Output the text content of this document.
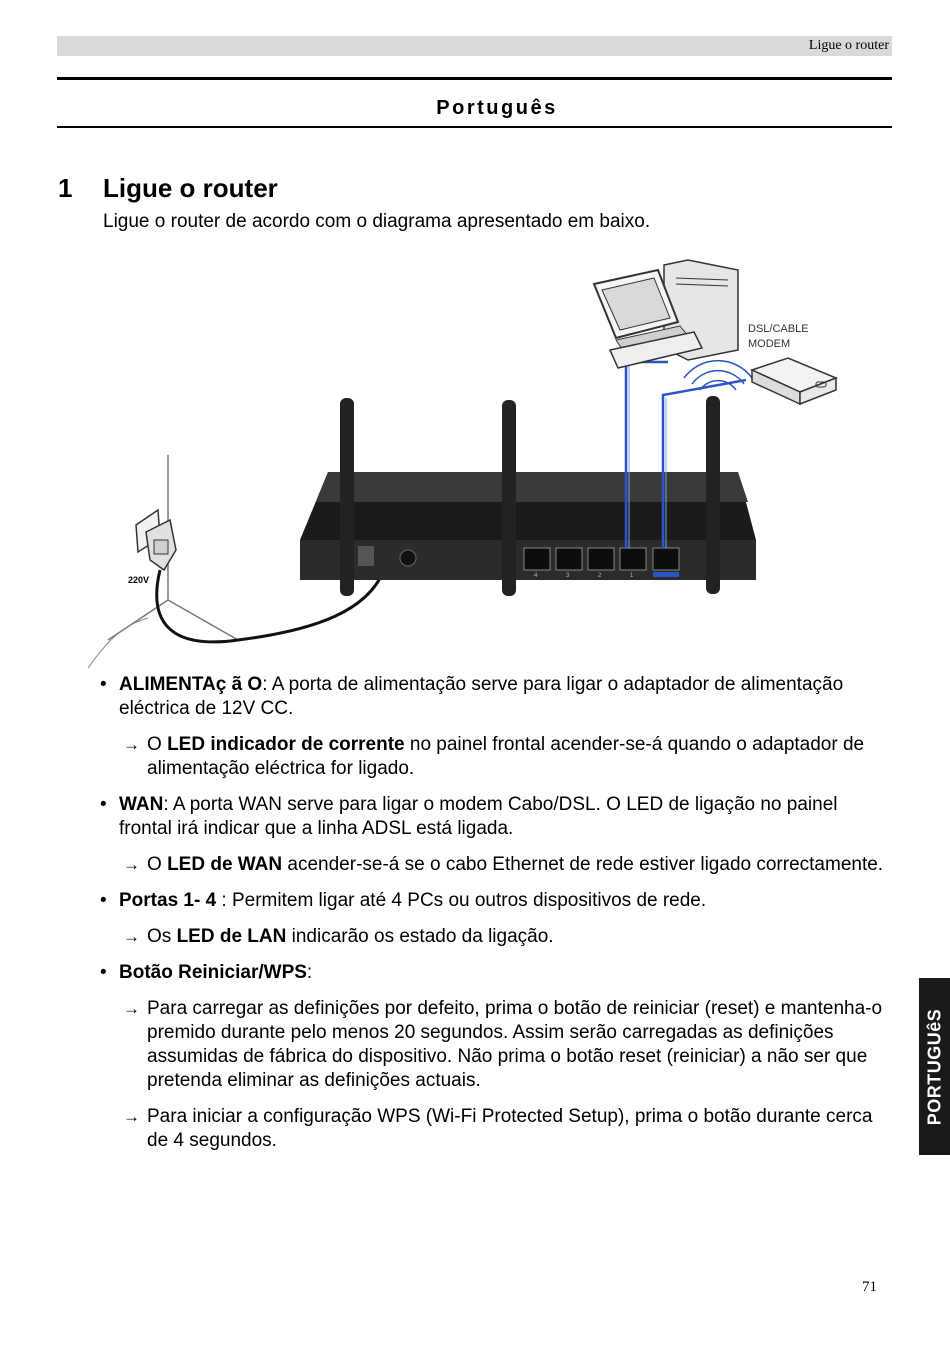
Ligue o router
Português
1 Ligue o router
Ligue o router de acordo com o diagrama apresentado em baixo.
220V	4	3	2	1
DSL/CABLE
MODEM
• ALIMENTAç ã O: A porta de alimentação serve para ligar o adaptador de alimentação eléctrica de 12V CC.
→ O LED indicador de corrente no painel frontal acender-se-á quando o adaptador de alimentação eléctrica for ligado.
• WAN: A porta WAN serve para ligar o modem Cabo/DSL. O LED de ligação no painel frontal irá indicar que a linha ADSL está ligada.
→ O LED de WAN acender-se-á se o cabo Ethernet de rede estiver ligado correctamente.
• Portas 1- 4 : Permitem ligar até 4 PCs ou outros dispositivos de rede.
→ Os LED de LAN indicarão os estado da ligação.
• Botão Reiniciar/WPS:
→ Para carregar as definições por defeito, prima o botão de reiniciar (reset) e mantenha-o premido durante pelo menos 20 segundos. Assim serão carregadas as definições assumidas de fábrica do dispositivo. Não prima o botão reset (reiniciar) a não ser que pretenda eliminar as definições actuais.
→ Para iniciar a configuração WPS (Wi-Fi Protected Setup), prima o botão durante cerca de 4 segundos.
PORTUGUêS
71
